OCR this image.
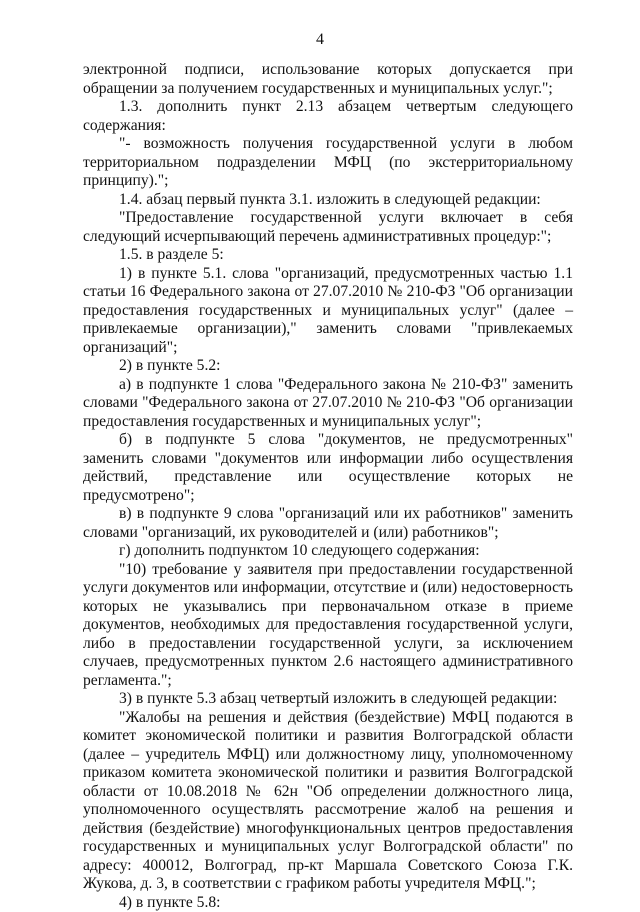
4

электронной подписи, использование которых допускается при обращении за получением государственных и муниципальных услуг.";

1.3. дополнить пункт 2.13 абзацем четвертым следующего содержания:

"- возможность получения государственной услуги в любом территориальном подразделении МФЦ (по экстерриториальному принципу).";

1.4. абзац первый пункта 3.1. изложить в следующей редакции:

"Предоставление государственной услуги включает в себя следующий исчерпывающий перечень административных процедур:";

1.5. в разделе 5:

1) в пункте 5.1. слова "организаций, предусмотренных частью 1.1 статьи 16 Федерального закона от 27.07.2010 № 210-ФЗ "Об организации предоставления государственных и муниципальных услуг" (далее – привлекаемые организации)," заменить словами "привлекаемых организаций";

2) в пункте 5.2:

а) в подпункте 1 слова "Федерального закона № 210-ФЗ" заменить словами "Федерального закона от 27.07.2010 № 210-ФЗ "Об организации предоставления государственных и муниципальных услуг";

б) в подпункте 5 слова "документов, не предусмотренных" заменить словами "документов или информации либо осуществления действий, представление или осуществление которых не предусмотрено";

в) в подпункте 9 слова "организаций или их работников" заменить словами "организаций, их руководителей и (или) работников";

г) дополнить подпунктом 10 следующего содержания:

"10) требование у заявителя при предоставлении государственной услуги документов или информации, отсутствие и (или) недостоверность которых не указывались при первоначальном отказе в приеме документов, необходимых для предоставления государственной услуги, либо в предоставлении государственной услуги, за исключением случаев, предусмотренных пунктом 2.6 настоящего административного регламента.";

3) в пункте 5.3 абзац четвертый изложить в следующей редакции:

"Жалобы на решения и действия (бездействие) МФЦ подаются в комитет экономической политики и развития Волгоградской области (далее – учредитель МФЦ) или должностному лицу, уполномоченному приказом комитета экономической политики и развития Волгоградской области от 10.08.2018 № 62н "Об определении должностного лица, уполномоченного осуществлять рассмотрение жалоб на решения и действия (бездействие) многофункциональных центров предоставления государственных и муниципальных услуг Волгоградской области" по адресу: 400012, Волгоград, пр-кт Маршала Советского Союза Г.К. Жукова, д. 3, в соответствии с графиком работы учредителя МФЦ.";

4) в пункте 5.8:
